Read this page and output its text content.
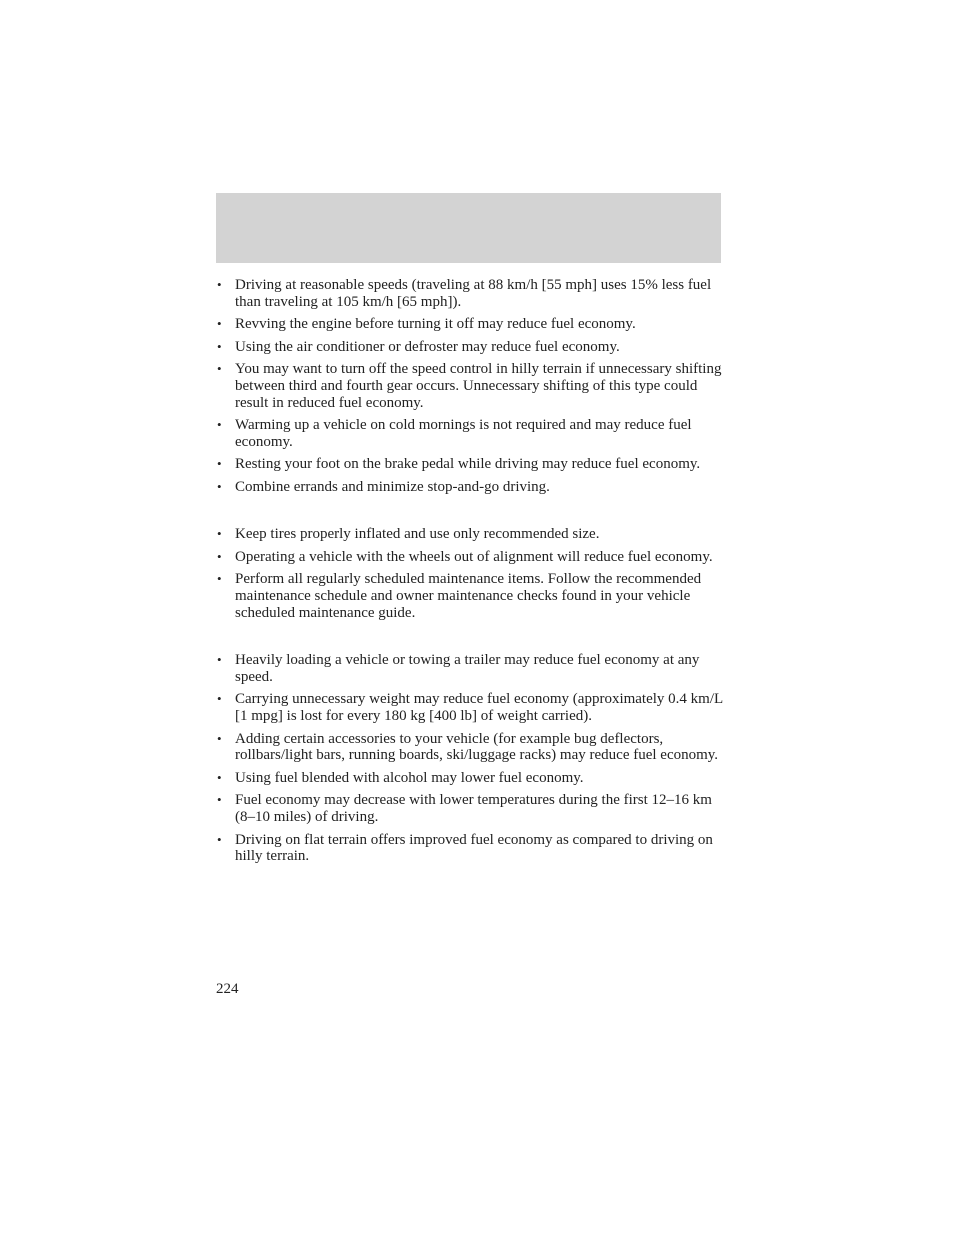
• Driving at reasonable speeds (traveling at 88 km/h [55 mph] uses 15% less fuel than traveling at 105 km/h [65 mph]).
• Revving the engine before turning it off may reduce fuel economy.
• Using the air conditioner or defroster may reduce fuel economy.
• You may want to turn off the speed control in hilly terrain if unnecessary shifting between third and fourth gear occurs. Unnecessary shifting of this type could result in reduced fuel economy.
• Warming up a vehicle on cold mornings is not required and may reduce fuel economy.
• Resting your foot on the brake pedal while driving may reduce fuel economy.
• Combine errands and minimize stop-and-go driving.
• Keep tires properly inflated and use only recommended size.
• Operating a vehicle with the wheels out of alignment will reduce fuel economy.
• Perform all regularly scheduled maintenance items. Follow the recommended maintenance schedule and owner maintenance checks found in your vehicle scheduled maintenance guide.
• Heavily loading a vehicle or towing a trailer may reduce fuel economy at any speed.
• Carrying unnecessary weight may reduce fuel economy (approximately 0.4 km/L [1 mpg] is lost for every 180 kg [400 lb] of weight carried).
• Adding certain accessories to your vehicle (for example bug deflectors, rollbars/light bars, running boards, ski/luggage racks) may reduce fuel economy.
• Using fuel blended with alcohol may lower fuel economy.
• Fuel economy may decrease with lower temperatures during the first 12–16 km (8–10 miles) of driving.
• Driving on flat terrain offers improved fuel economy as compared to driving on hilly terrain.
224
